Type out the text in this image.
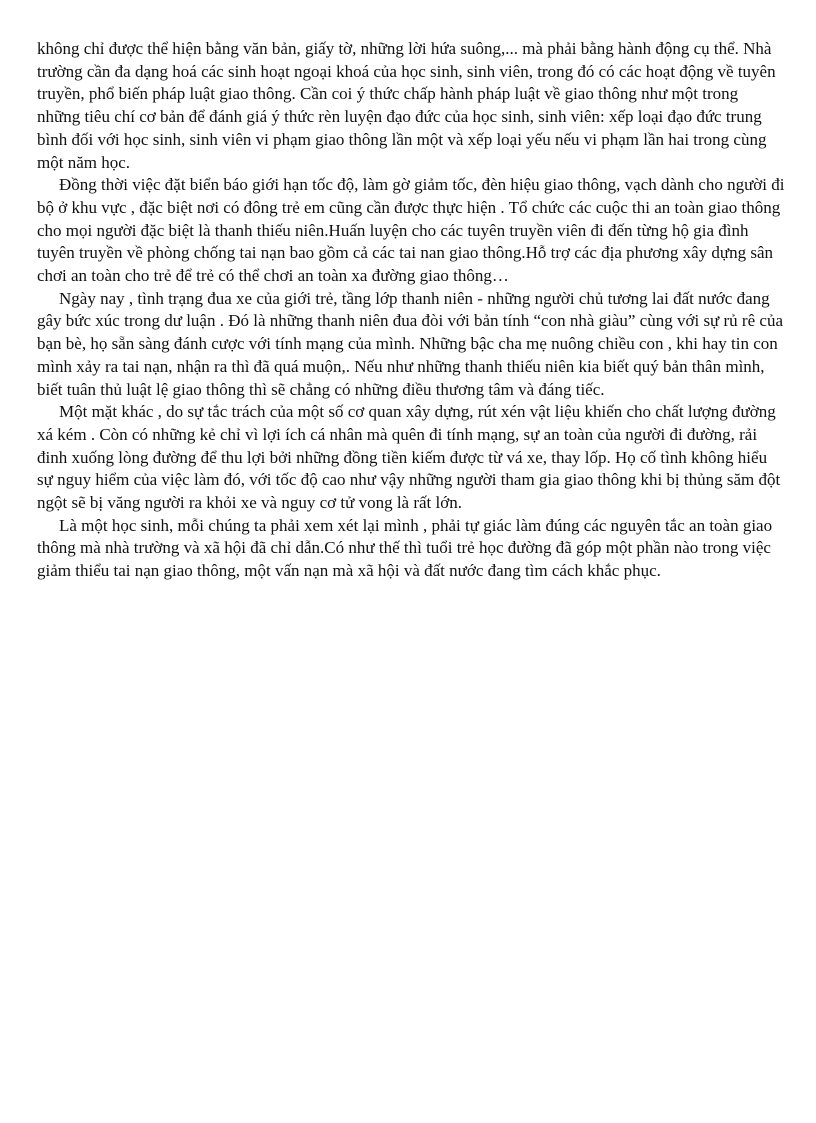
không chỉ được thể hiện bằng văn bản, giấy tờ, những lời hứa suông,... mà phải bằng hành động cụ thể. Nhà trường cần đa dạng hoá các sinh hoạt ngoại khoá của học sinh, sinh viên, trong đó có các hoạt động về tuyên truyền, phổ biến pháp luật giao thông. Cần coi ý thức chấp hành pháp luật về giao thông như một trong những tiêu chí cơ bản để đánh giá ý thức rèn luyện đạo đức của học sinh, sinh viên: xếp loại đạo đức trung bình đối với học sinh, sinh viên vi phạm giao thông lần một và xếp loại yếu nếu vi phạm lần hai trong cùng một năm học.

Đồng thời việc đặt biển báo giới hạn tốc độ, làm gờ giảm tốc, đèn hiệu giao thông, vạch dành cho người đi bộ ở khu vực , đặc biệt nơi có đông trẻ em cũng cần được thực hiện . Tổ chức các cuộc thi an toàn giao thông cho mọi người đặc biệt là thanh thiếu niên.Huấn luyện cho các tuyên truyền viên đi đến từng hộ gia đình tuyên truyền về phòng chống tai nạn bao gồm cả các tai nan giao thông.Hỗ trợ các địa phương xây dựng sân chơi an toàn cho trẻ để trẻ có thể chơi an toàn xa đường giao thông…

Ngày nay , tình trạng đua xe của giới trẻ, tầng lớp thanh niên - những người chủ tương lai đất nước đang gây bức xúc trong dư luận . Đó là những thanh niên đua đòi với bản tính “con nhà giàu” cùng với sự rủ rê của bạn bè, họ sẵn sàng đánh cược với tính mạng của mình. Những bậc cha mẹ nuông chiều con , khi hay tin con mình xảy ra tai nạn, nhận ra thì đã quá muộn,. Nếu như những thanh thiếu niên kia biết quý bản thân mình, biết tuân thủ luật lệ giao thông thì sẽ chẳng có những điều thương tâm và đáng tiếc.

Một mặt khác , do sự tắc trách của một số cơ quan xây dựng, rút xén vật liệu khiến cho chất lượng đường xá kém . Còn có những kẻ chỉ vì lợi ích cá nhân mà quên đi tính mạng, sự an toàn của người đi đường, rải đinh xuống lòng đường để thu lợi bởi những đồng tiền kiếm được từ vá xe, thay lốp. Họ cố tình không hiểu sự nguy hiểm của việc làm đó, với tốc độ cao như vậy những người tham gia giao thông khi bị thủng săm đột ngột sẽ bị văng người ra khỏi xe và nguy cơ tử vong là rất lớn.

Là một học sinh, mỗi chúng ta phải xem xét lại mình , phải tự giác làm đúng các nguyên tắc an toàn giao thông mà nhà trường và xã hội đã chỉ dẫn.Có như thế thì tuổi trẻ học đường đã góp một phần nào trong việc giảm thiểu tai nạn giao thông, một vấn nạn mà xã hội và đất nước đang tìm cách khắc phục.
